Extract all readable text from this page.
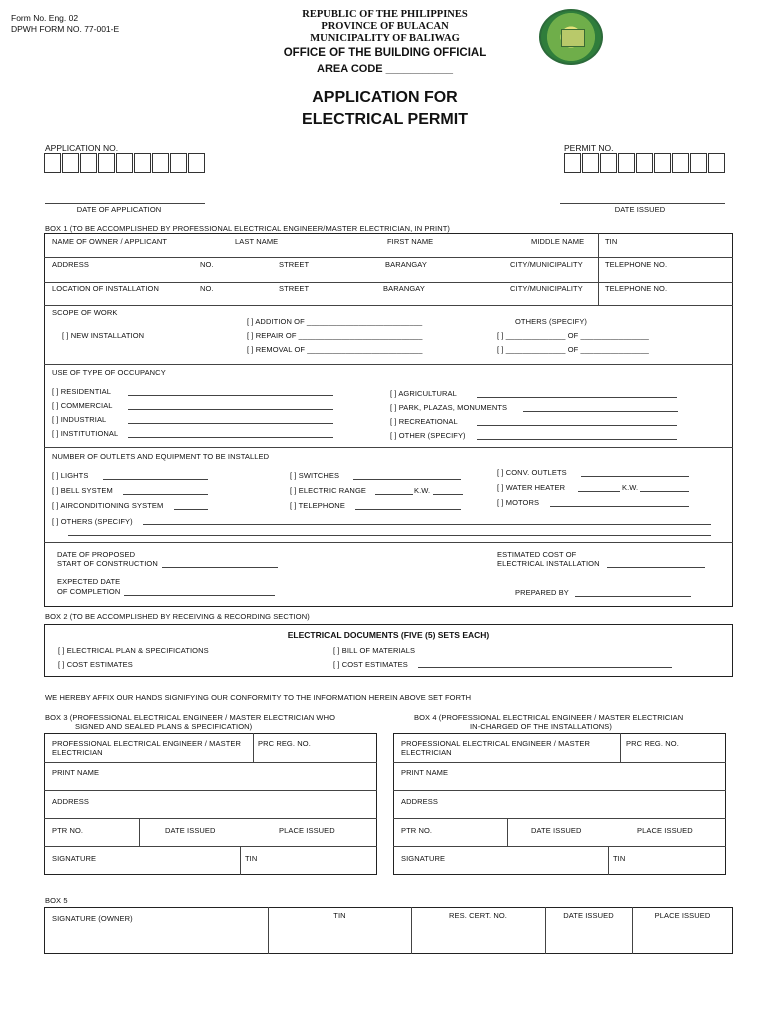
Form No. Eng. 02
DPWH FORM NO. 77-001-E
REPUBLIC OF THE PHILIPPINES
PROVINCE OF BULACAN
MUNICIPALITY OF BALIWAG
OFFICE OF THE BUILDING OFFICIAL
AREA CODE ___________
APPLICATION FOR
ELECTRICAL PERMIT
APPLICATION NO.	PERMIT NO.
DATE OF APPLICATION	DATE ISSUED
BOX 1 (TO BE ACCOMPLISHED BY PROFESSIONAL ELECTRICAL ENGINEER/MASTER ELECTRICIAN, IN PRINT)
NAME OF OWNER / APPLICANT	LAST NAME	FIRST NAME	MIDDLE NAME	TIN
ADDRESS	NO.	STREET	BARANGAY	CITY/MUNICIPALITY	TELEPHONE NO.
LOCATION OF INSTALLATION	NO.	STREET	BARANGAY	CITY/MUNICIPALITY	TELEPHONE NO.
SCOPE OF WORK
[ ] NEW INSTALLATION
[ ] ADDITION OF ___________________________
[ ] REPAIR OF _____________________________
[ ] REMOVAL OF ___________________________
OTHERS (SPECIFY)
[ ] ______________ OF ________________
[ ] ______________ OF ________________
USE OF TYPE OF OCCUPANCY
[ ] RESIDENTIAL
[ ] COMMERCIAL
[ ] INDUSTRIAL
[ ] INSTITUTIONAL
[ ] AGRICULTURAL
[ ] PARK, PLAZAS, MONUMENTS
[ ] RECREATIONAL
[ ] OTHER (SPECIFY)
NUMBER OF OUTLETS AND EQUIPMENT TO BE INSTALLED
[ ] LIGHTS
[ ] BELL SYSTEM
[ ] AIRCONDITIONING SYSTEM
[ ] SWITCHES
[ ] ELECTRIC RANGE	K.W.
[ ] TELEPHONE
[ ] CONV. OUTLETS
[ ] WATER HEATER	K.W.
[ ] MOTORS
[ ] OTHERS (SPECIFY)
DATE OF PROPOSED
START OF CONSTRUCTION
EXPECTED DATE
OF COMPLETION
ESTIMATED COST OF
ELECTRICAL INSTALLATION
PREPARED BY
BOX 2 (TO BE ACCOMPLISHED BY RECEIVING & RECORDING SECTION)
ELECTRICAL DOCUMENTS (FIVE (5) SETS EACH)
[ ] ELECTRICAL PLAN & SPECIFICATIONS
[ ] COST ESTIMATES
[ ] BILL OF MATERIALS
[ ] COST ESTIMATES
WE HEREBY AFFIX OUR HANDS SIGNIFYING OUR CONFORMITY TO THE INFORMATION HEREIN ABOVE SET FORTH
BOX 3 (PROFESSIONAL ELECTRICAL ENGINEER / MASTER ELECTRICIAN WHO
SIGNED AND SEALED PLANS & SPECIFICATION)
PROFESSIONAL ELECTRICAL ENGINEER / MASTER
ELECTRICIAN
PRC REG. NO.
PRINT NAME
ADDRESS
PTR NO.	DATE ISSUED	PLACE ISSUED
SIGNATURE	TIN
BOX 4 (PROFESSIONAL ELECTRICAL ENGINEER / MASTER ELECTRICIAN
IN-CHARGED OF THE INSTALLATIONS)
PROFESSIONAL ELECTRICAL ENGINEER / MASTER
ELECTRICIAN
PRC REG. NO.
PRINT NAME
ADDRESS
PTR NO.	DATE ISSUED	PLACE ISSUED
SIGNATURE	TIN
BOX 5
SIGNATURE (OWNER)	TIN	RES. CERT. NO.	DATE ISSUED	PLACE ISSUED
